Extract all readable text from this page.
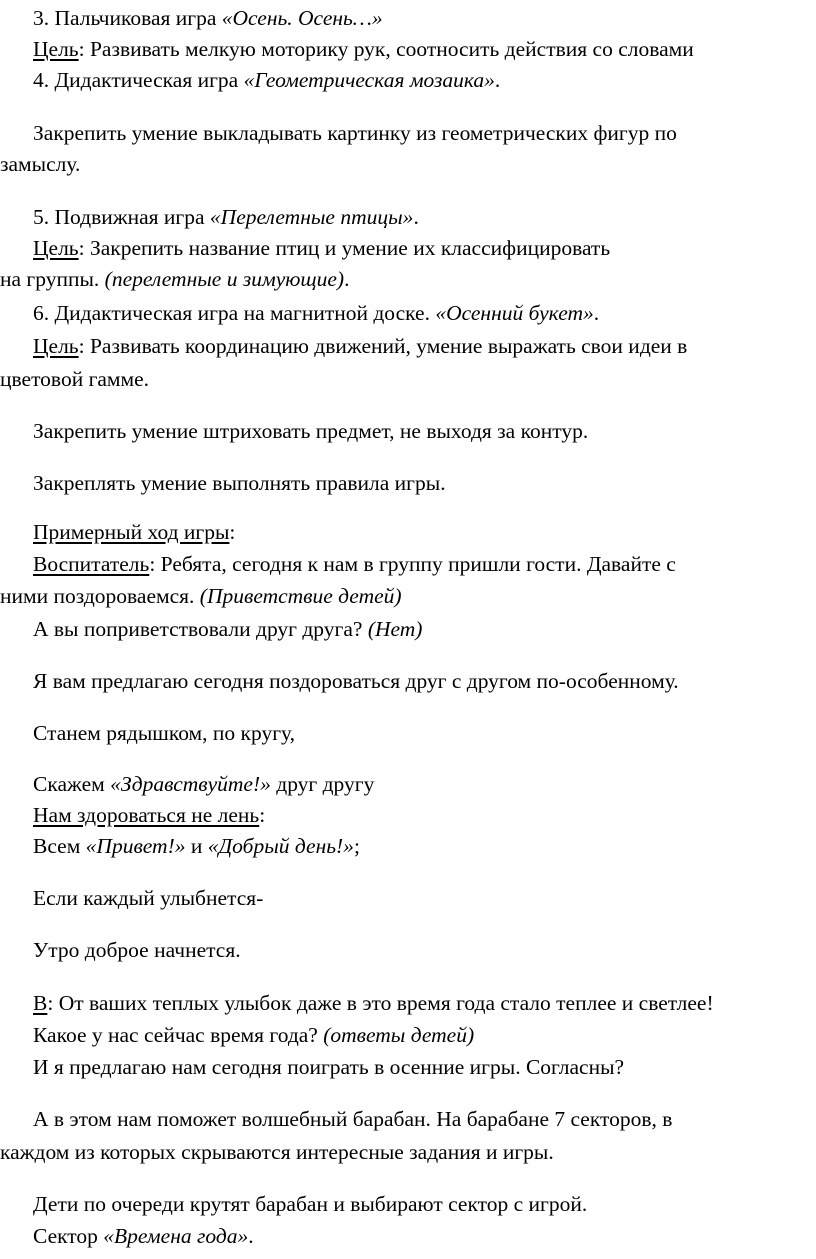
3. Пальчиковая игра «Осень. Осень…»
Цель: Развивать мелкую моторику рук, соотносить действия со словами
4. Дидактическая игра «Геометрическая мозаика».
Закрепить умение выкладывать картинку из геометрических фигур по
замыслу.
5. Подвижная игра «Перелетные птицы».
Цель: Закрепить название птиц и умение их классифицировать
на группы. (перелетные и зимующие).
6. Дидактическая игра на магнитной доске. «Осенний букет».
Цель: Развивать координацию движений, умение выражать свои идеи в
цветовой гамме.
Закрепить умение штриховать предмет, не выходя за контур.
Закреплять умение выполнять правила игры.
Примерный ход игры:
Воспитатель: Ребята, сегодня к нам в группу пришли гости. Давайте с
ними поздороваемся. (Приветствие детей)
А вы поприветствовали друг друга? (Нет)
Я вам предлагаю сегодня поздороваться друг с другом по-особенному.
Станем рядышком, по кругу,
Скажем «Здравствуйте!» друг другу
Нам здороваться не лень:
Всем «Привет!» и «Добрый день!»;
Если каждый улыбнется-
Утро доброе начнется.
В: От ваших теплых улыбок даже в это время года стало теплее и светлее!
Какое у нас сейчас время года? (ответы детей)
И я предлагаю нам сегодня поиграть в осенние игры. Согласны?
А в этом нам поможет волшебный барабан. На барабане 7 секторов, в
каждом из которых скрываются интересные задания и игры.
Дети по очереди крутят барабан и выбирают сектор с игрой.
Сектор «Времена года».
